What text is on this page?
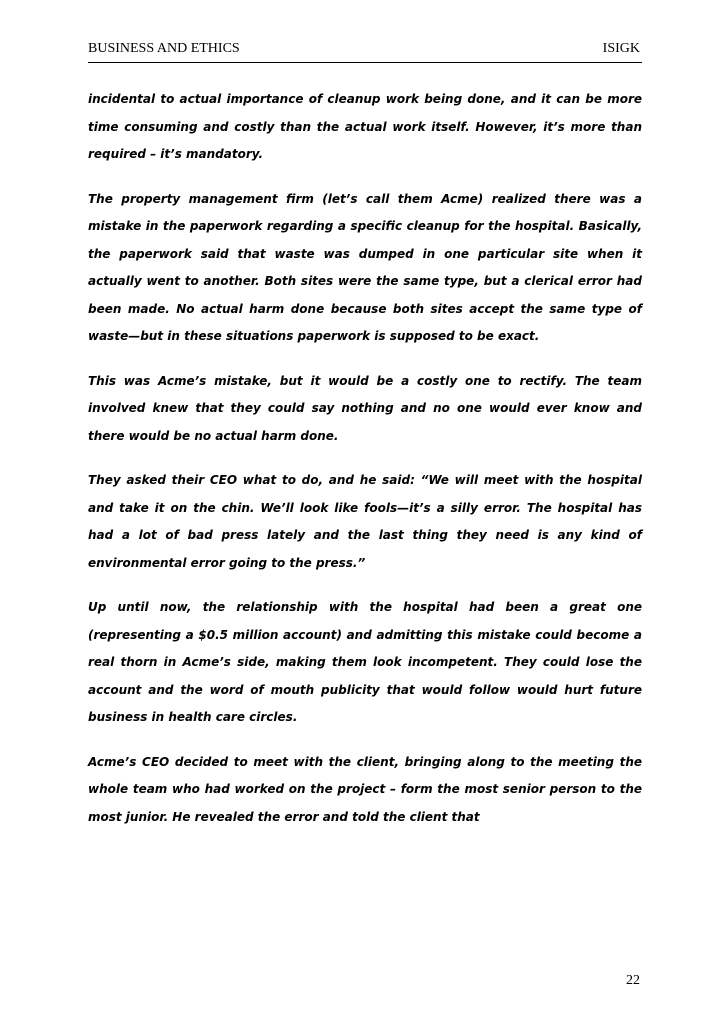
BUSINESS AND ETHICS	ISIGK

incidental to actual importance of cleanup work being done, and it can be more time consuming and costly than the actual work itself. However, it’s more than required – it’s mandatory.

The property management firm (let’s call them Acme) realized there was a mistake in the paperwork regarding a specific cleanup for the hospital. Basically, the paperwork said that waste was dumped in one particular site when it actually went to another. Both sites were the same type, but a clerical error had been made. No actual harm done because both sites accept the same type of waste—but in these situations paperwork is supposed to be exact.

This was Acme’s mistake, but it would be a costly one to rectify. The team involved knew that they could say nothing and no one would ever know and there would be no actual harm done.

They asked their CEO what to do, and he said: “We will meet with the hospital and take it on the chin. We’ll look like fools—it’s a silly error. The hospital has had a lot of bad press lately and the last thing they need is any kind of environmental error going to the press.”

Up until now, the relationship with the hospital had been a great one (representing a $0.5 million account) and admitting this mistake could become a real thorn in Acme’s side, making them look incompetent. They could lose the account and the word of mouth publicity that would follow would hurt future business in health care circles.

Acme’s CEO decided to meet with the client, bringing along to the meeting the whole team who had worked on the project – form the most senior person to the most junior. He revealed the error and told the client that

22
